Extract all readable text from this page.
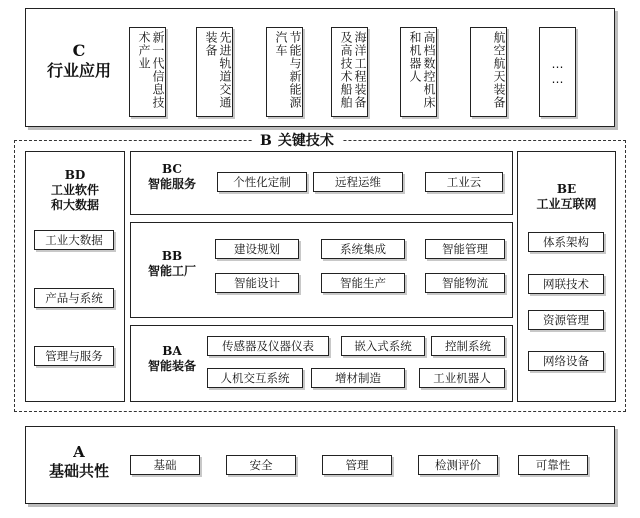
C
行业应用	新一代信息技术产业	先进轨道交通装备	节能与新能源汽车	海洋工程装备及高技术船舶	高档数控机床和机器人	航空航天装备	……
B 关键技术
BD
工业软件
和大数据
工业大数据
产品与系统
管理与服务
BC
智能服务	个性化定制	远程运维	工业云
BB
智能工厂
建设规划	系统集成	智能管理
智能设计	智能生产	智能物流
BA
智能装备
传感器及仪器仪表	嵌入式系统	控制系统
人机交互系统	增材制造	工业机器人
BE
工业互联网
体系架构
网联技术
资源管理
网络设备
A
基础共性	基础	安全	管理	检测评价	可靠性
